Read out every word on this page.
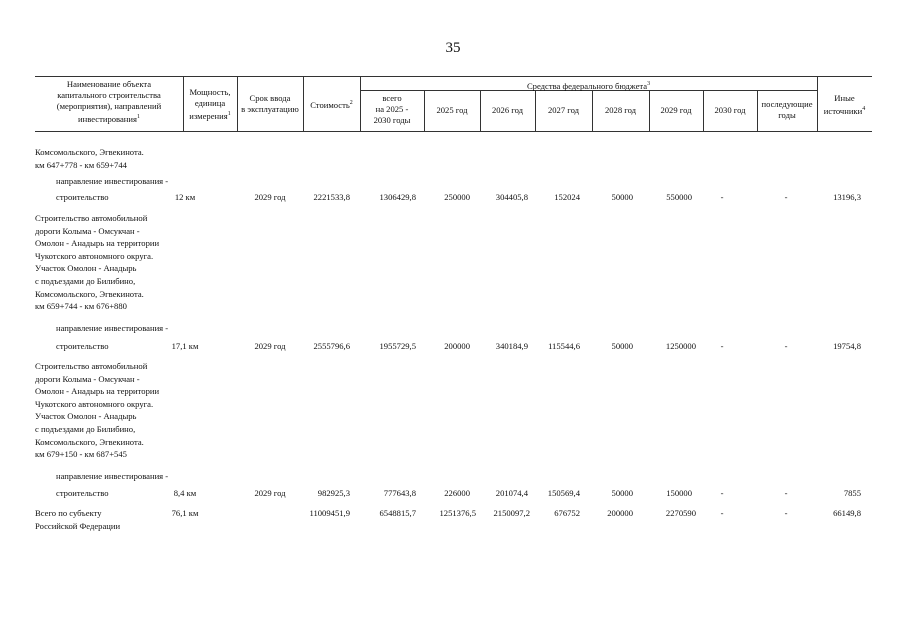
35
Наименование объекта
капитального строительства
(мероприятия), направлений
инвестирования$^1$
Мощность,
единица
измерения$^1$
Срок ввода
в эксплуатацию	Стоимость$^2$
Средства федерального бюджета$^3$
всего
на 2025 -
2030 годы
2025 год	2026 год	2027 год	2028 год	2029 год	2030 год
последующие
годы
Иные
источники$^4$
Комсомольского, Эгвекинота.
км 647+778 - км 659+744
направление инвестирования -
строительство	12 км	2029 год	2221533,8	1306429,8	250000	304405,8	152024	50000	550000	-	-	13196,3
Строительство автомобильной
дороги Колыма - Омсукчан -
Омолон - Анадырь на территории
Чукотского автономного округа.
Участок Омолон - Анадырь
с подъездами до Билибино,
Комсомольского, Эгвекинота.
км 659+744 - км 676+880
направление инвестирования -
строительство	17,1 км	2029 год	2555796,6	1955729,5	200000	340184,9	115544,6	50000	1250000	-	-	19754,8
Строительство автомобильной
дороги Колыма - Омсукчан -
Омолон - Анадырь на территории
Чукотского автономного округа.
Участок Омолон - Анадырь
с подъездами до Билибино,
Комсомольского, Эгвекинота.
км 679+150 - км 687+545
направление инвестирования -
строительство	8,4 км	2029 год	982925,3	777643,8	226000	201074,4	150569,4	50000	150000	-	-	7855
Всего по субъекту
Российской Федерации
76,1 км	11009451,9	6548815,7	1251376,5	2150097,2	676752	200000	2270590	-	-	66149,8
